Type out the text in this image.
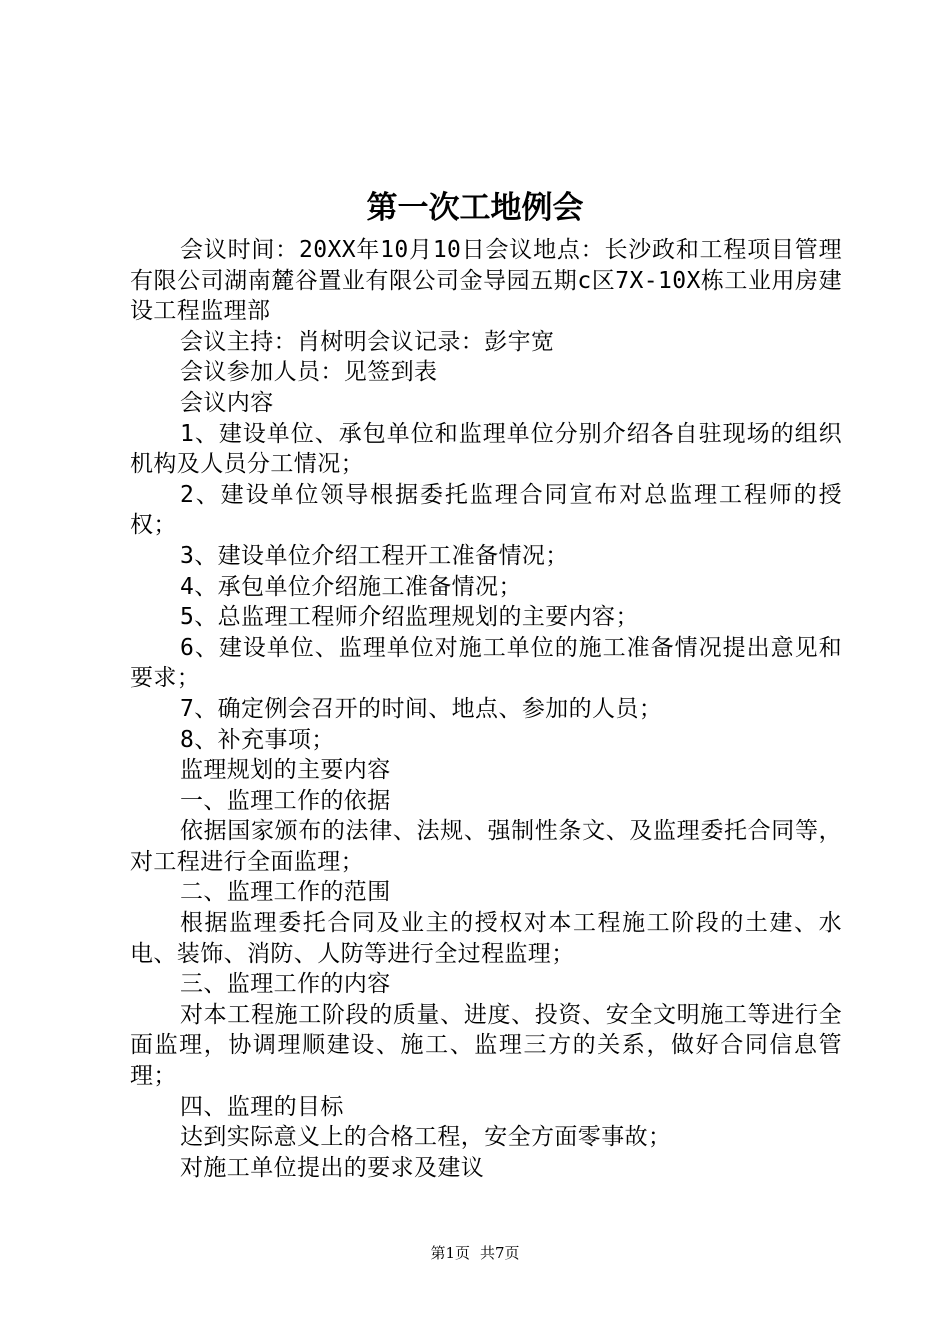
第一次工地例会

会议时间：20XX年10月10日会议地点：长沙政和工程项目管理有限公司湖南麓谷置业有限公司金导园五期c区7X-10X栋工业用房建设工程监理部

会议主持：肖树明会议记录：彭宇宽

会议参加人员：见签到表

会议内容

1、建设单位、承包单位和监理单位分别介绍各自驻现场的组织机构及人员分工情况；

2、建设单位领导根据委托监理合同宣布对总监理工程师的授权；

3、建设单位介绍工程开工准备情况；

4、承包单位介绍施工准备情况；

5、总监理工程师介绍监理规划的主要内容；

6、建设单位、监理单位对施工单位的施工准备情况提出意见和要求；

7、确定例会召开的时间、地点、参加的人员；

8、补充事项；

监理规划的主要内容

一、监理工作的依据

依据国家颁布的法律、法规、强制性条文、及监理委托合同等，对工程进行全面监理；

二、监理工作的范围

根据监理委托合同及业主的授权对本工程施工阶段的土建、水电、装饰、消防、人防等进行全过程监理；

三、监理工作的内容

对本工程施工阶段的质量、进度、投资、安全文明施工等进行全面监理，协调理顺建设、施工、监理三方的关系，做好合同信息管理；

四、监理的目标

达到实际意义上的合格工程，安全方面零事故；

对施工单位提出的要求及建议

第1页 共7页
